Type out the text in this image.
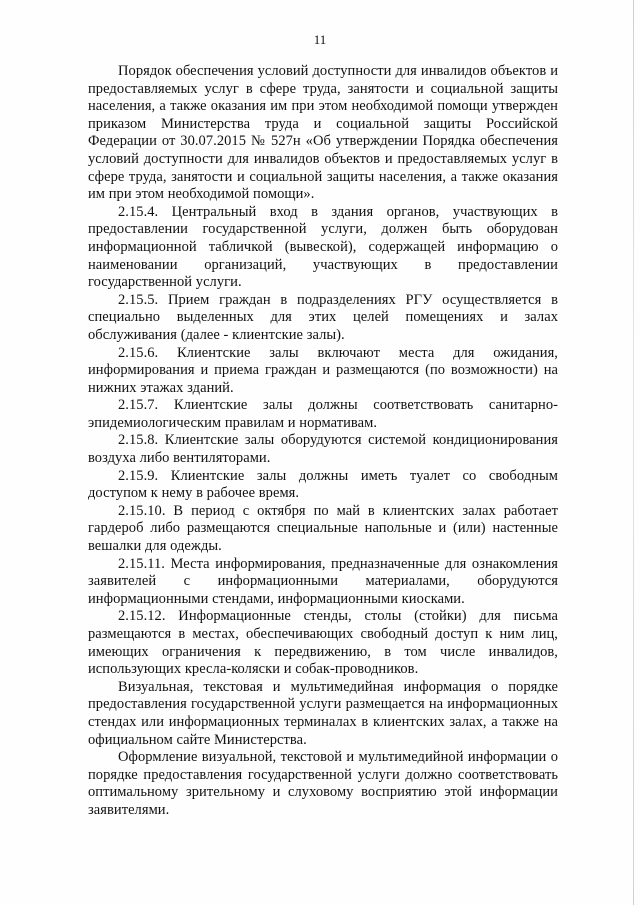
11

Порядок обеспечения условий доступности для инвалидов объектов и предоставляемых услуг в сфере труда, занятости и социальной защиты населения, а также оказания им при этом необходимой помощи утвержден приказом Министерства труда и социальной защиты Российской Федерации от 30.07.2015 № 527н «Об утверждении Порядка обеспечения условий доступности для инвалидов объектов и предоставляемых услуг в сфере труда, занятости и социальной защиты населения, а также оказания им при этом необходимой помощи».

2.15.4. Центральный вход в здания органов, участвующих в предоставлении государственной услуги, должен быть оборудован информационной табличкой (вывеской), содержащей информацию о наименовании организаций, участвующих в предоставлении государственной услуги.

2.15.5. Прием граждан в подразделениях РГУ осуществляется в специально выделенных для этих целей помещениях и залах обслуживания (далее - клиентские залы).

2.15.6. Клиентские залы включают места для ожидания, информирования и приема граждан и размещаются (по возможности) на нижних этажах зданий.

2.15.7. Клиентские залы должны соответствовать санитарно-эпидемиологическим правилам и нормативам.

2.15.8. Клиентские залы оборудуются системой кондиционирования воздуха либо вентиляторами.

2.15.9. Клиентские залы должны иметь туалет со свободным доступом к нему в рабочее время.

2.15.10. В период с октября по май в клиентских залах работает гардероб либо размещаются специальные напольные и (или) настенные вешалки для одежды.

2.15.11. Места информирования, предназначенные для ознакомления заявителей с информационными материалами, оборудуются информационными стендами, информационными киосками.

2.15.12. Информационные стенды, столы (стойки) для письма размещаются в местах, обеспечивающих свободный доступ к ним лиц, имеющих ограничения к передвижению, в том числе инвалидов, использующих кресла-коляски и собак-проводников.

Визуальная, текстовая и мультимедийная информация о порядке предоставления государственной услуги размещается на информационных стендах или информационных терминалах в клиентских залах, а также на официальном сайте Министерства.

Оформление визуальной, текстовой и мультимедийной информации о порядке предоставления государственной услуги должно соответствовать оптимальному зрительному и слуховому восприятию этой информации заявителями.
